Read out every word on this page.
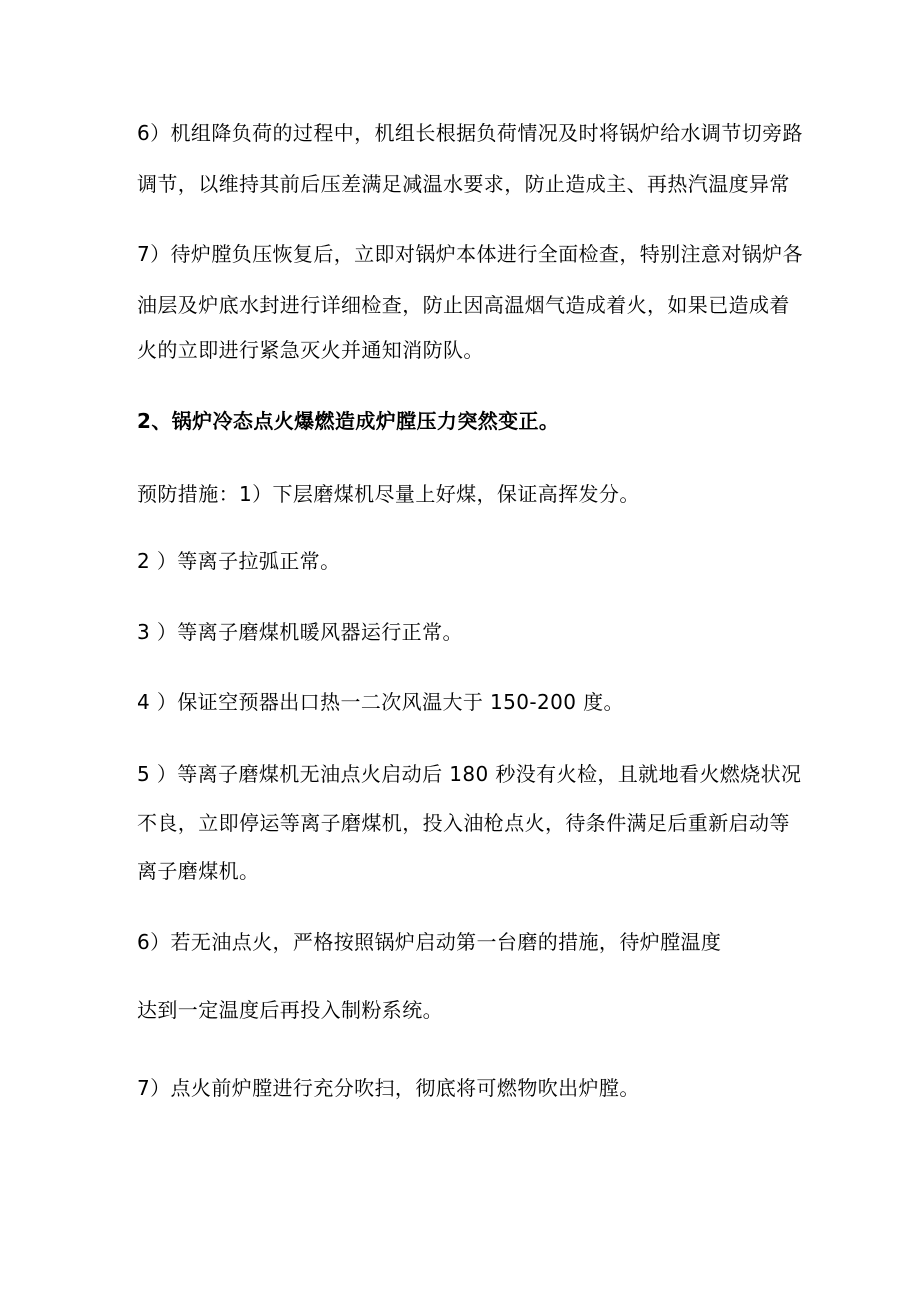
6）机组降负荷的过程中，机组长根据负荷情况及时将锅炉给水调节切旁路
调节，以维持其前后压差满足减温水要求，防止造成主、再热汽温度异常
7）待炉膛负压恢复后，立即对锅炉本体进行全面检查，特别注意对锅炉各
油层及炉底水封进行详细检查，防止因高温烟气造成着火，如果已造成着
火的立即进行紧急灭火并通知消防队。
2、锅炉冷态点火爆燃造成炉膛压力突然变正。
预防措施：1）下层磨煤机尽量上好煤，保证高挥发分。
2 ）等离子拉弧正常。
3 ）等离子磨煤机暖风器运行正常。
4 ）保证空预器出口热一二次风温大于 150-200 度。
5 ）等离子磨煤机无油点火启动后 180 秒没有火检，且就地看火燃烧状况
不良，立即停运等离子磨煤机，投入油枪点火，待条件满足后重新启动等
离子磨煤机。
6）若无油点火，严格按照锅炉启动第一台磨的措施，待炉膛温度
达到一定温度后再投入制粉系统。
7）点火前炉膛进行充分吹扫，彻底将可燃物吹出炉膛。
